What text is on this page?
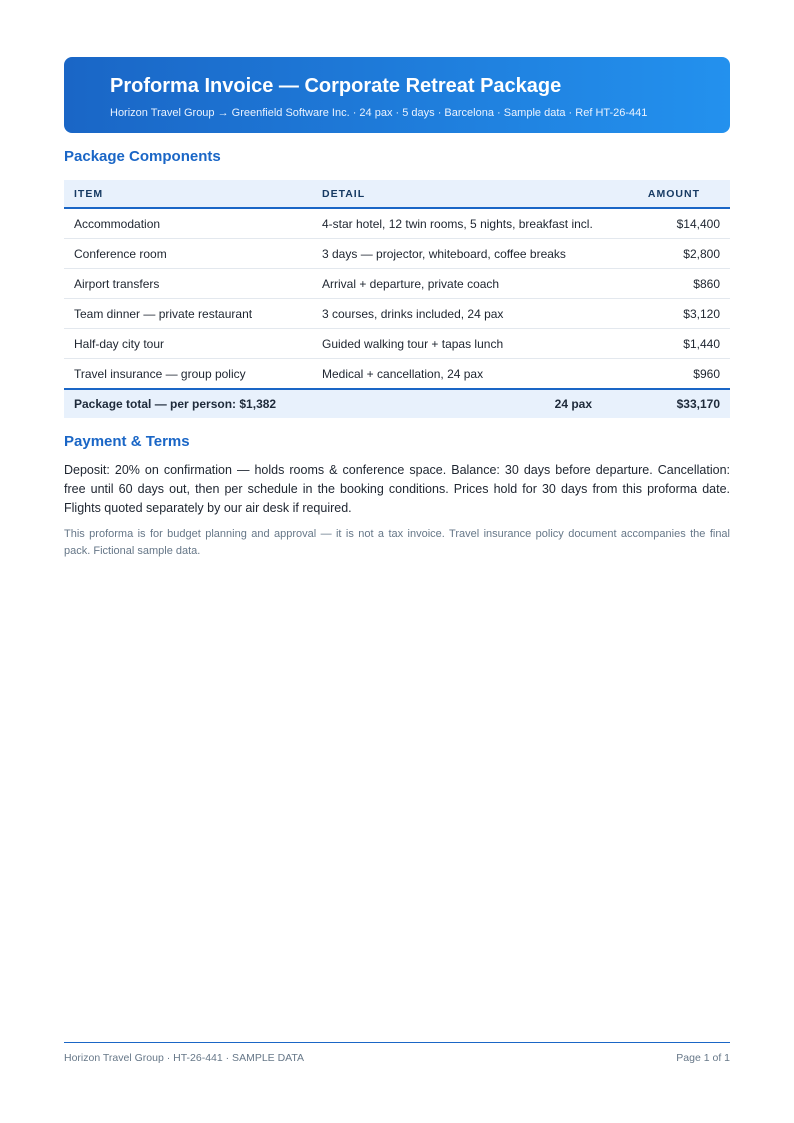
Proforma Invoice — Corporate Retreat Package
Horizon Travel Group → Greenfield Software Inc. · 24 pax · 5 days · Barcelona · Sample data · Ref HT-26-441
Package Components
ITEM	DETAIL	AMOUNT
Accommodation	4-star hotel, 12 twin rooms, 5 nights, breakfast incl.	$14,400
Conference room	3 days — projector, whiteboard, coffee breaks	$2,800
Airport transfers	Arrival + departure, private coach	$860
Team dinner — private restaurant	3 courses, drinks included, 24 pax	$3,120
Half-day city tour	Guided walking tour + tapas lunch	$1,440
Travel insurance — group policy	Medical + cancellation, 24 pax	$960
Package total — per person: $1,382	24 pax	$33,170
Payment & Terms

Deposit: 20% on confirmation — holds rooms & conference space. Balance: 30 days before departure. Cancellation: free until 60 days out, then per schedule in the booking conditions. Prices hold for 30 days from this proforma date. Flights quoted separately by our air desk if required.

This proforma is for budget planning and approval — it is not a tax invoice. Travel insurance policy document accompanies the final pack. Fictional sample data.

Horizon Travel Group · HT-26-441 · SAMPLE DATA	Page 1 of 1
